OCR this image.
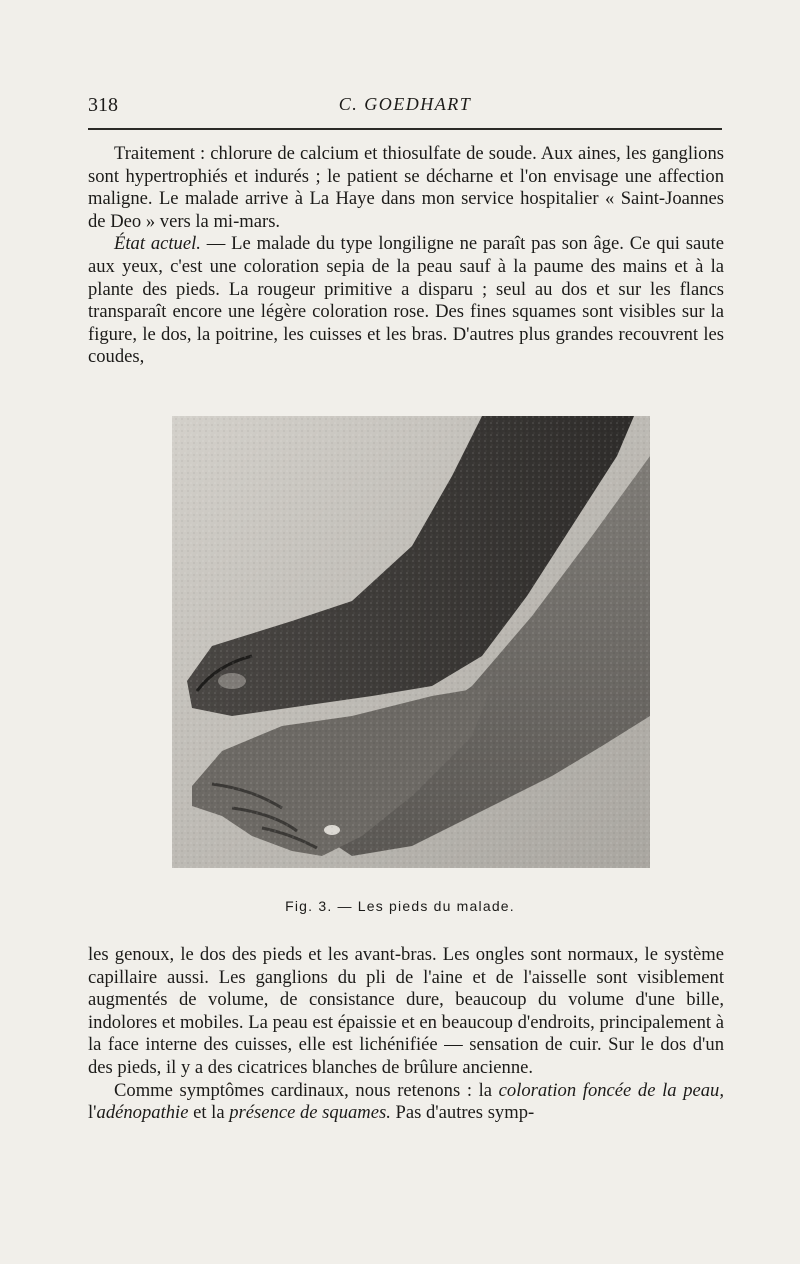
318	C. GOEDHART

Traitement : chlorure de calcium et thiosulfate de soude. Aux aines, les ganglions sont hypertrophiés et indurés ; le patient se décharne et l'on envisage une affection maligne. Le malade arrive à La Haye dans mon service hospitalier « Saint-Joannes de Deo » vers la mi-mars.

État actuel. — Le malade du type longiligne ne paraît pas son âge. Ce qui saute aux yeux, c'est une coloration sepia de la peau sauf à la paume des mains et à la plante des pieds. La rougeur primitive a disparu ; seul au dos et sur les flancs transparaît encore une légère coloration rose. Des fines squames sont visibles sur la figure, le dos, la poitrine, les cuisses et les bras. D'autres plus grandes recouvrent les coudes,

Fig. 3. — Les pieds du malade.

les genoux, le dos des pieds et les avant-bras. Les ongles sont normaux, le système capillaire aussi. Les ganglions du pli de l'aine et de l'aisselle sont visiblement augmentés de volume, de consistance dure, beaucoup du volume d'une bille, indolores et mobiles. La peau est épaissie et en beaucoup d'endroits, principalement à la face interne des cuisses, elle est lichénifiée — sensation de cuir. Sur le dos d'un des pieds, il y a des cicatrices blanches de brûlure ancienne.

Comme symptômes cardinaux, nous retenons : la coloration foncée de la peau, l'adénopathie et la présence de squames. Pas d'autres symp-
